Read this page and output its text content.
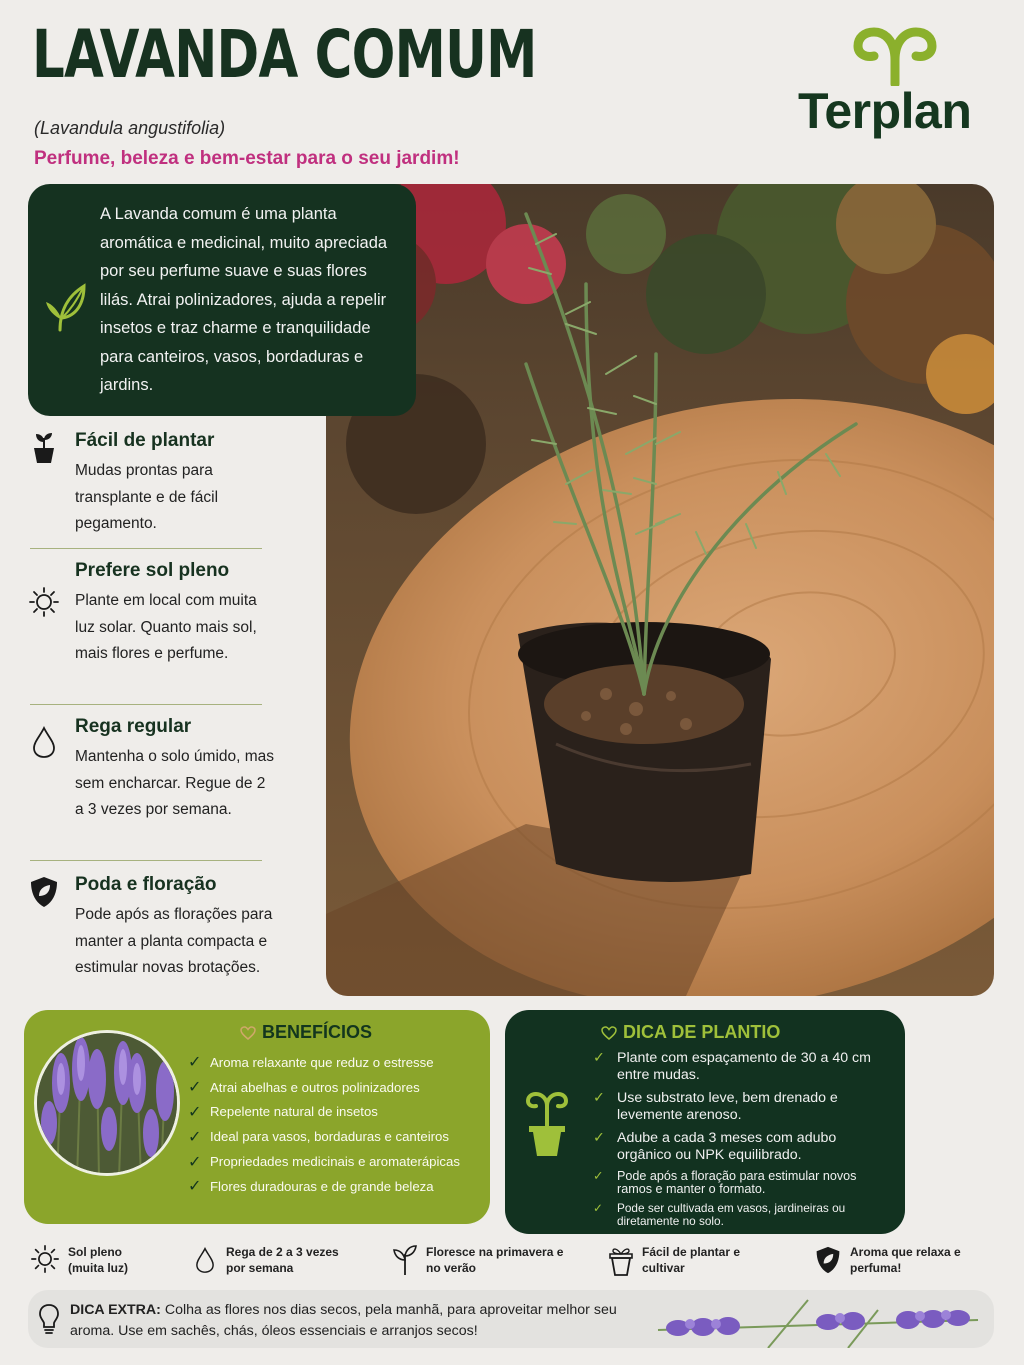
LAVANDA COMUM
(Lavandula angustifolia)
Perfume, beleza e bem-estar para o seu jardim!
Terplan
A Lavanda comum é uma planta aromática e medicinal, muito apreciada por seu perfume suave e suas flores lilás. Atrai polinizadores, ajuda a repelir insetos e traz charme e tranquilidade para canteiros, vasos, bordaduras e jardins.
Fácil de plantar
Mudas prontas para transplante e de fácil pegamento.
Prefere sol pleno
Plante em local com muita luz solar. Quanto mais sol, mais flores e perfume.
Rega regular
Mantenha o solo úmido, mas sem encharcar. Regue de 2 a 3 vezes por semana.
Poda e floração
Pode após as florações para manter a planta compacta e estimular novas brotações.
BENEFÍCIOS
✓ Aroma relaxante que reduz o estresse
✓ Atrai abelhas e outros polinizadores
✓ Repelente natural de insetos
✓ Ideal para vasos, bordaduras e canteiros
✓ Propriedades medicinais e aromaterápicas
✓ Flores duradouras e de grande beleza
DICA DE PLANTIO
✓ Plante com espaçamento de 30 a 40 cm entre mudas.
✓ Use substrato leve, bem drenado e levemente arenoso.
✓ Adube a cada 3 meses com adubo orgânico ou NPK equilibrado.
✓ Pode após a floração para estimular novos ramos e manter o formato.
✓ Pode ser cultivada em vasos, jardineiras ou diretamente no solo.
Sol pleno (muita luz)
Rega de 2 a 3 vezes por semana
Floresce na primavera e no verão
Fácil de plantar e cultivar
Aroma que relaxa e perfuma!
DICA EXTRA: Colha as flores nos dias secos, pela manhã, para aproveitar melhor seu aroma. Use em sachês, chás, óleos essenciais e arranjos secos!
